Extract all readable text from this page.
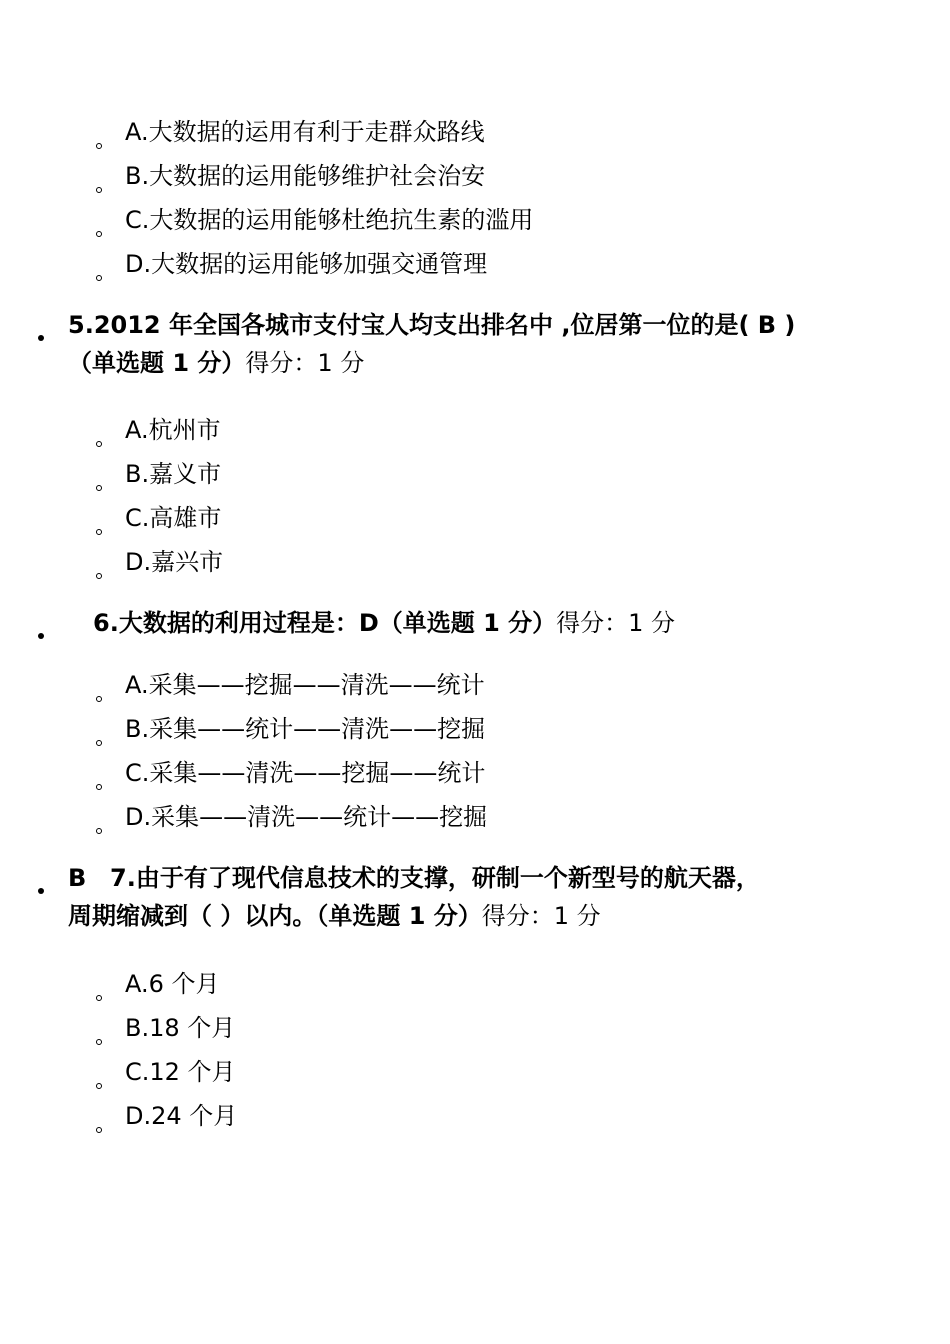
A.大数据的运用有利于走群众路线
B.大数据的运用能够维护社会治安
C.大数据的运用能够杜绝抗生素的滥用
D.大数据的运用能够加强交通管理
5.2012 年全国各城市支付宝人均支出排名中 ,位居第一位的是( B )
（单选题 1 分）得分：1 分
A.杭州市
B.嘉义市
C.高雄市
D.嘉兴市
6.大数据的利用过程是：D（单选题 1 分）得分：1 分
A.采集——挖掘——清洗——统计
B.采集——统计——清洗——挖掘
C.采集——清洗——挖掘——统计
D.采集——清洗——统计——挖掘
B 7.由于有了现代信息技术的支撑，研制一个新型号的航天器，
周期缩减到（ ）以内。（单选题 1 分）得分：1 分
A.6 个月
B.18 个月
C.12 个月
D.24 个月
